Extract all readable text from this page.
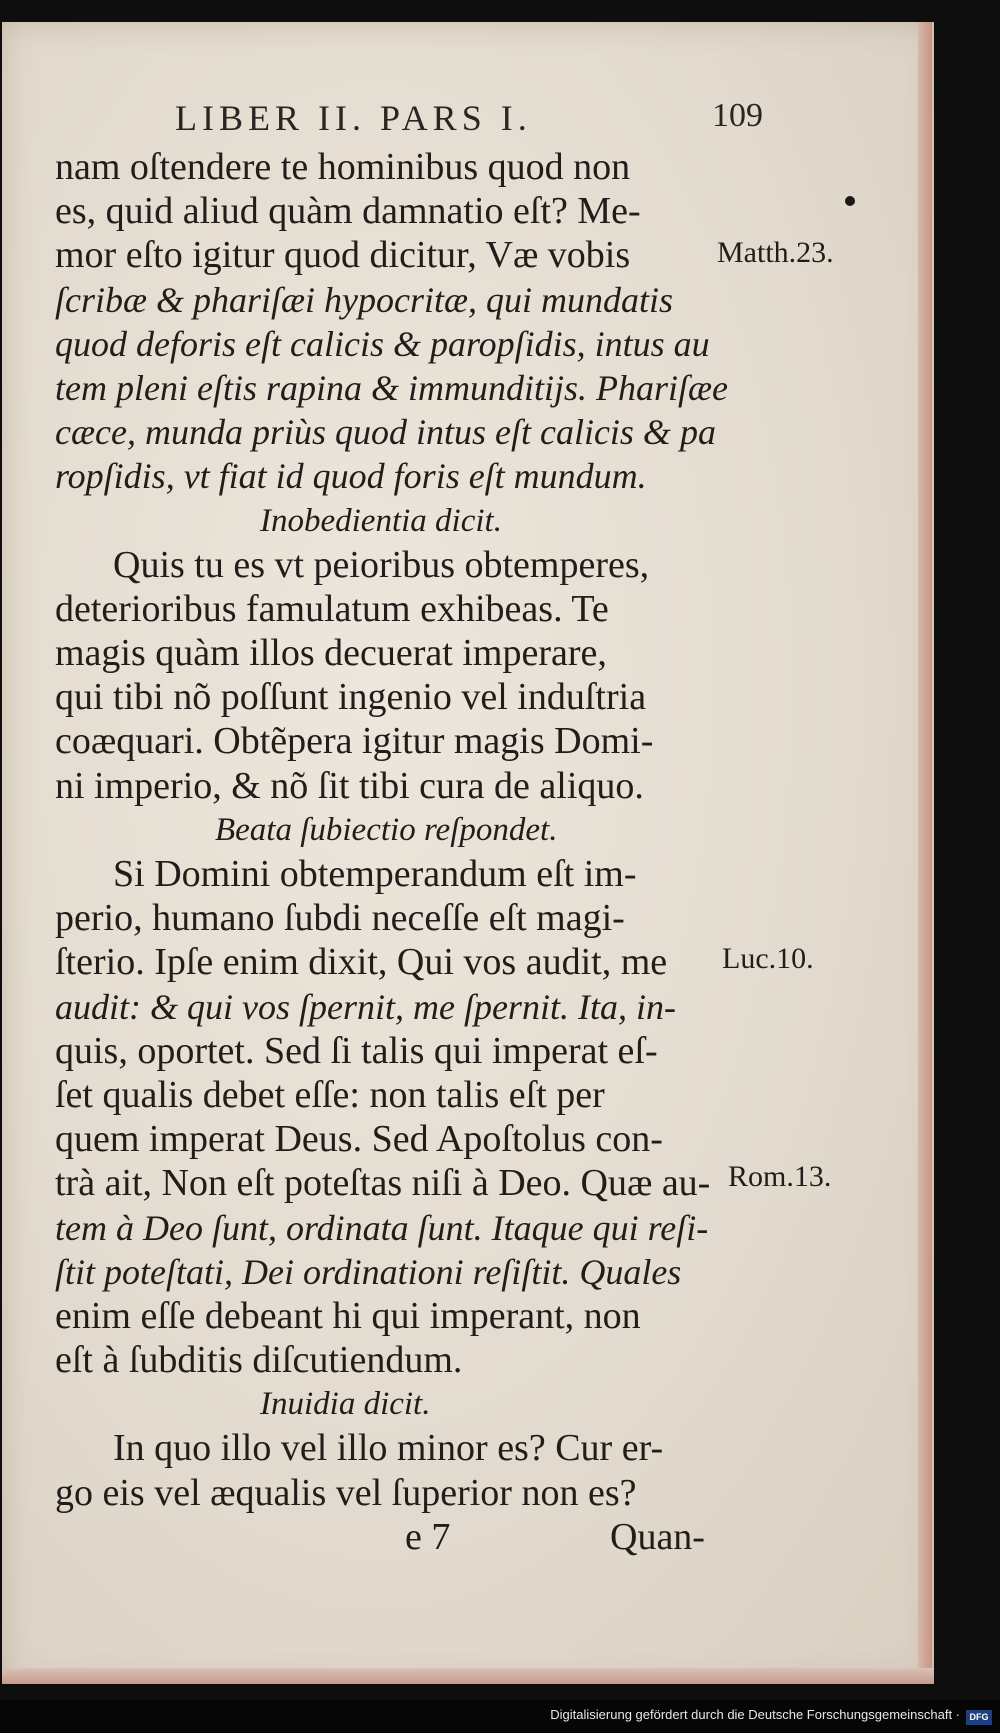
LIBER II. PARS I.	109
nam oſtendere te hominibus quod non
es, quid aliud quàm damnatio eſt? Me-
mor eſto igitur quod dicitur, Væ vobis
ſcribæ & phariſæi hypocritæ, qui mundatis
quod deforis eſt calicis & paropſidis, intus au
tem pleni eſtis rapina & immunditijs. Phariſæe
cæce, munda priùs quod intus eſt calicis & pa
ropſidis, vt fiat id quod foris eſt mundum.
Inobedientia dicit.
Quis tu es vt peioribus obtemperes,
deterioribus famulatum exhibeas. Te
magis quàm illos decuerat imperare,
qui tibi nõ poſſunt ingenio vel induſtria
coæquari. Obtẽpera igitur magis Domi-
ni imperio, & nõ ſit tibi cura de aliquo.
Beata ſubiectio reſpondet.
Si Domini obtemperandum eſt im-
perio, humano ſubdi neceſſe eſt magi-
ſterio. Ipſe enim dixit, Qui vos audit, me
audit: & qui vos ſpernit, me ſpernit. Ita, in-
quis, oportet. Sed ſi talis qui imperat eſ-
ſet qualis debet eſſe: non talis eſt per
quem imperat Deus. Sed Apoſtolus con-
trà ait, Non eſt poteſtas niſi à Deo. Quæ au-
tem à Deo ſunt, ordinata ſunt. Itaque qui reſi-
ſtit poteſtati, Dei ordinationi reſiſtit. Quales
enim eſſe debeant hi qui imperant, non
eſt à ſubditis diſcutiendum.
Inuidia dicit.
In quo illo vel illo minor es? Cur er-
go eis vel æqualis vel ſuperior non es?
e 7	Quan-
Matth.23.
Luc.10.
Rom.13.
Digitalisierung gefördert durch die Deutsche Forschungsgemeinschaft ·	DFG
